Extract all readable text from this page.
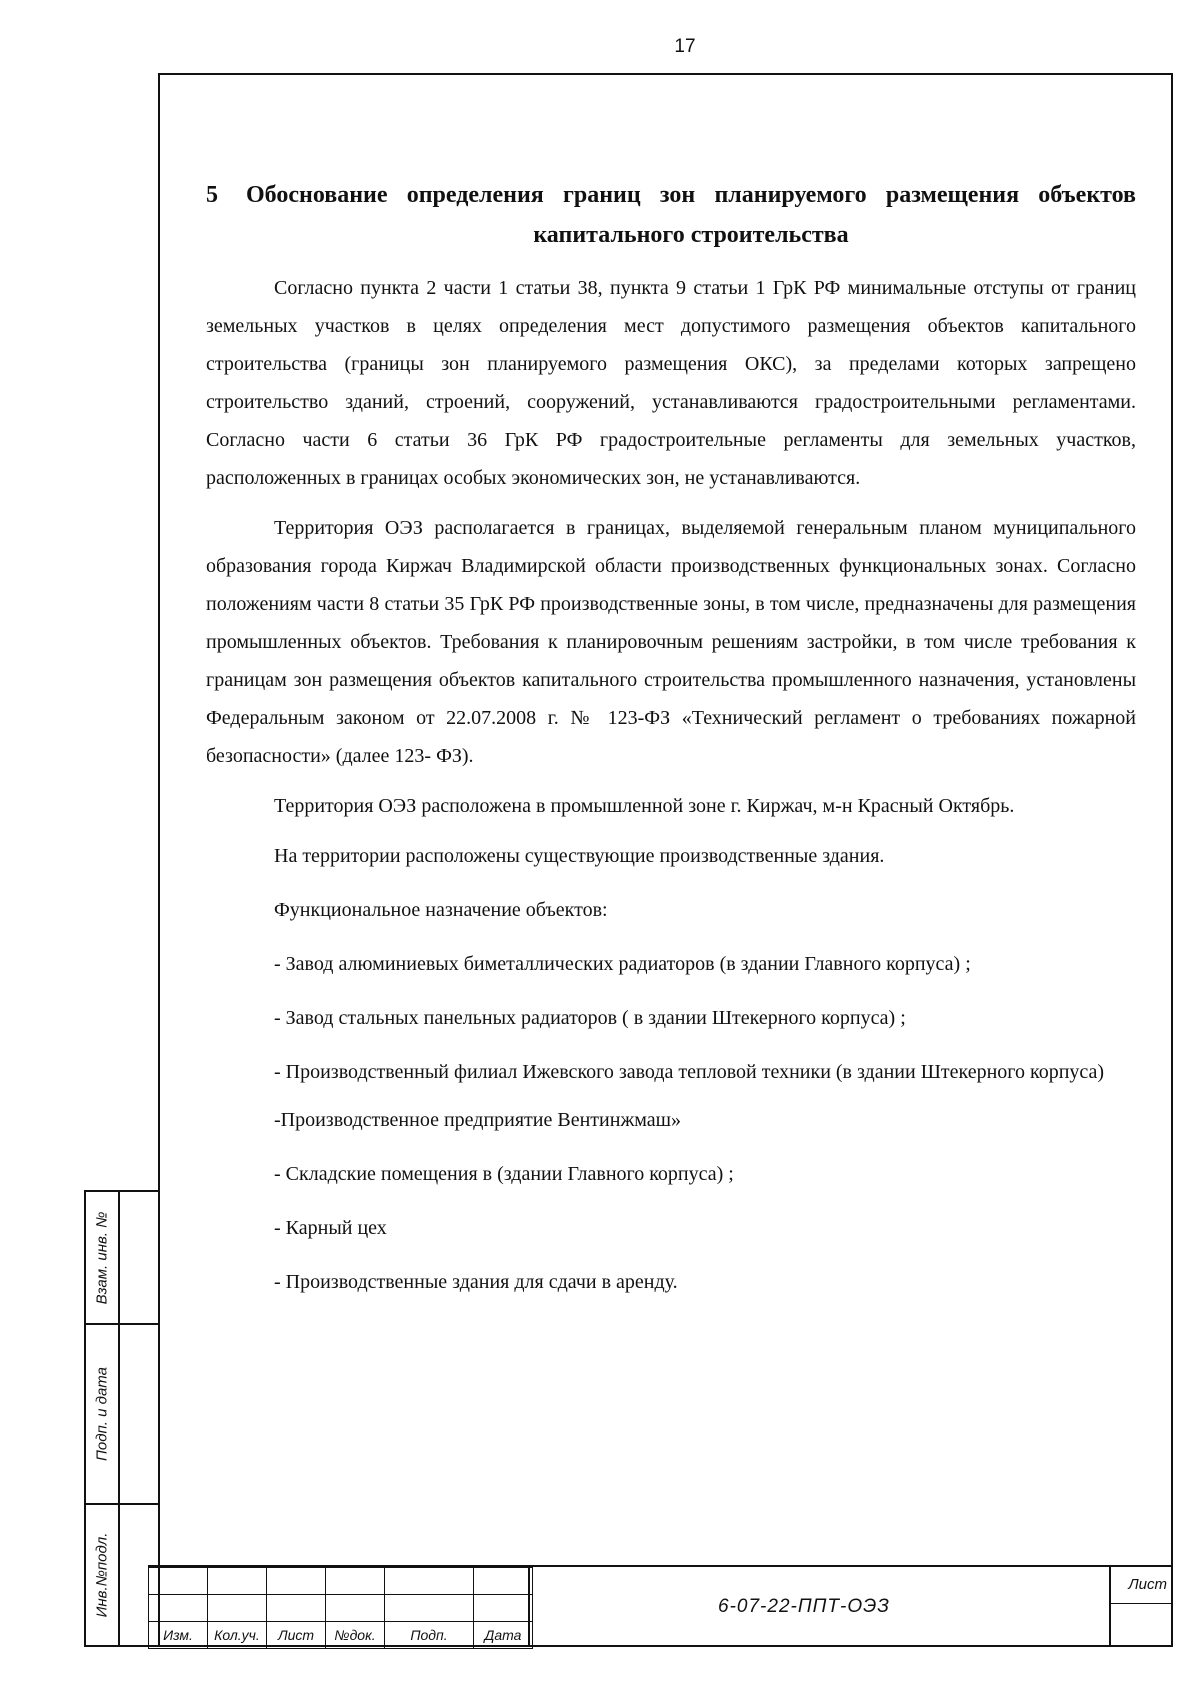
17
5	Обоснование определения границ зон планируемого размещения объектов капитального строительства

Согласно пункта 2 части 1 статьи 38, пункта 9 статьи 1 ГрК РФ минимальные отступы от границ земельных участков в целях определения мест допустимого размещения объектов капитального строительства (границы зон планируемого размещения ОКС), за пределами которых запрещено строительство зданий, строений, сооружений, устанавливаются градостроительными регламентами. Согласно части 6 статьи 36 ГрК РФ градостроительные регламенты для земельных участков, расположенных в границах особых экономических зон, не устанавливаются.

Территория ОЭЗ располагается в границах, выделяемой генеральным планом муниципального образования города Киржач Владимирской области производственных функциональных зонах. Согласно положениям части 8 статьи 35 ГрК РФ производственные зоны, в том числе, предназначены для размещения промышленных объектов. Требования к планировочным решениям застройки, в том числе требования к границам зон размещения объектов капитального строительства промышленного назначения, установлены Федеральным законом от 22.07.2008 г. № 123-ФЗ «Технический регламент о требованиях пожарной безопасности» (далее 123- ФЗ).

Территория ОЭЗ расположена в промышленной зоне г. Киржач, м-н Красный Октябрь.

На территории расположены существующие производственные здания.

Функциональное назначение объектов:

- Завод алюминиевых биметаллических радиаторов (в здании Главного корпуса) ;

- Завод стальных панельных радиаторов ( в здании Штекерного корпуса) ;

- Производственный филиал Ижевского завода тепловой техники (в здании Штекерного корпуса)

-Производственное предприятие Вентинжмаш»

- Складские помещения в (здании Главного корпуса) ;

- Карный цех

- Производственные здания для сдачи в аренду.

Взам. инв. №
Подп. и дата
Инв.№подл.

Изм.	Кол.уч.	Лист	№док.	Подп.	Дата
6-07-22-ППТ-ОЭЗ
Лист
